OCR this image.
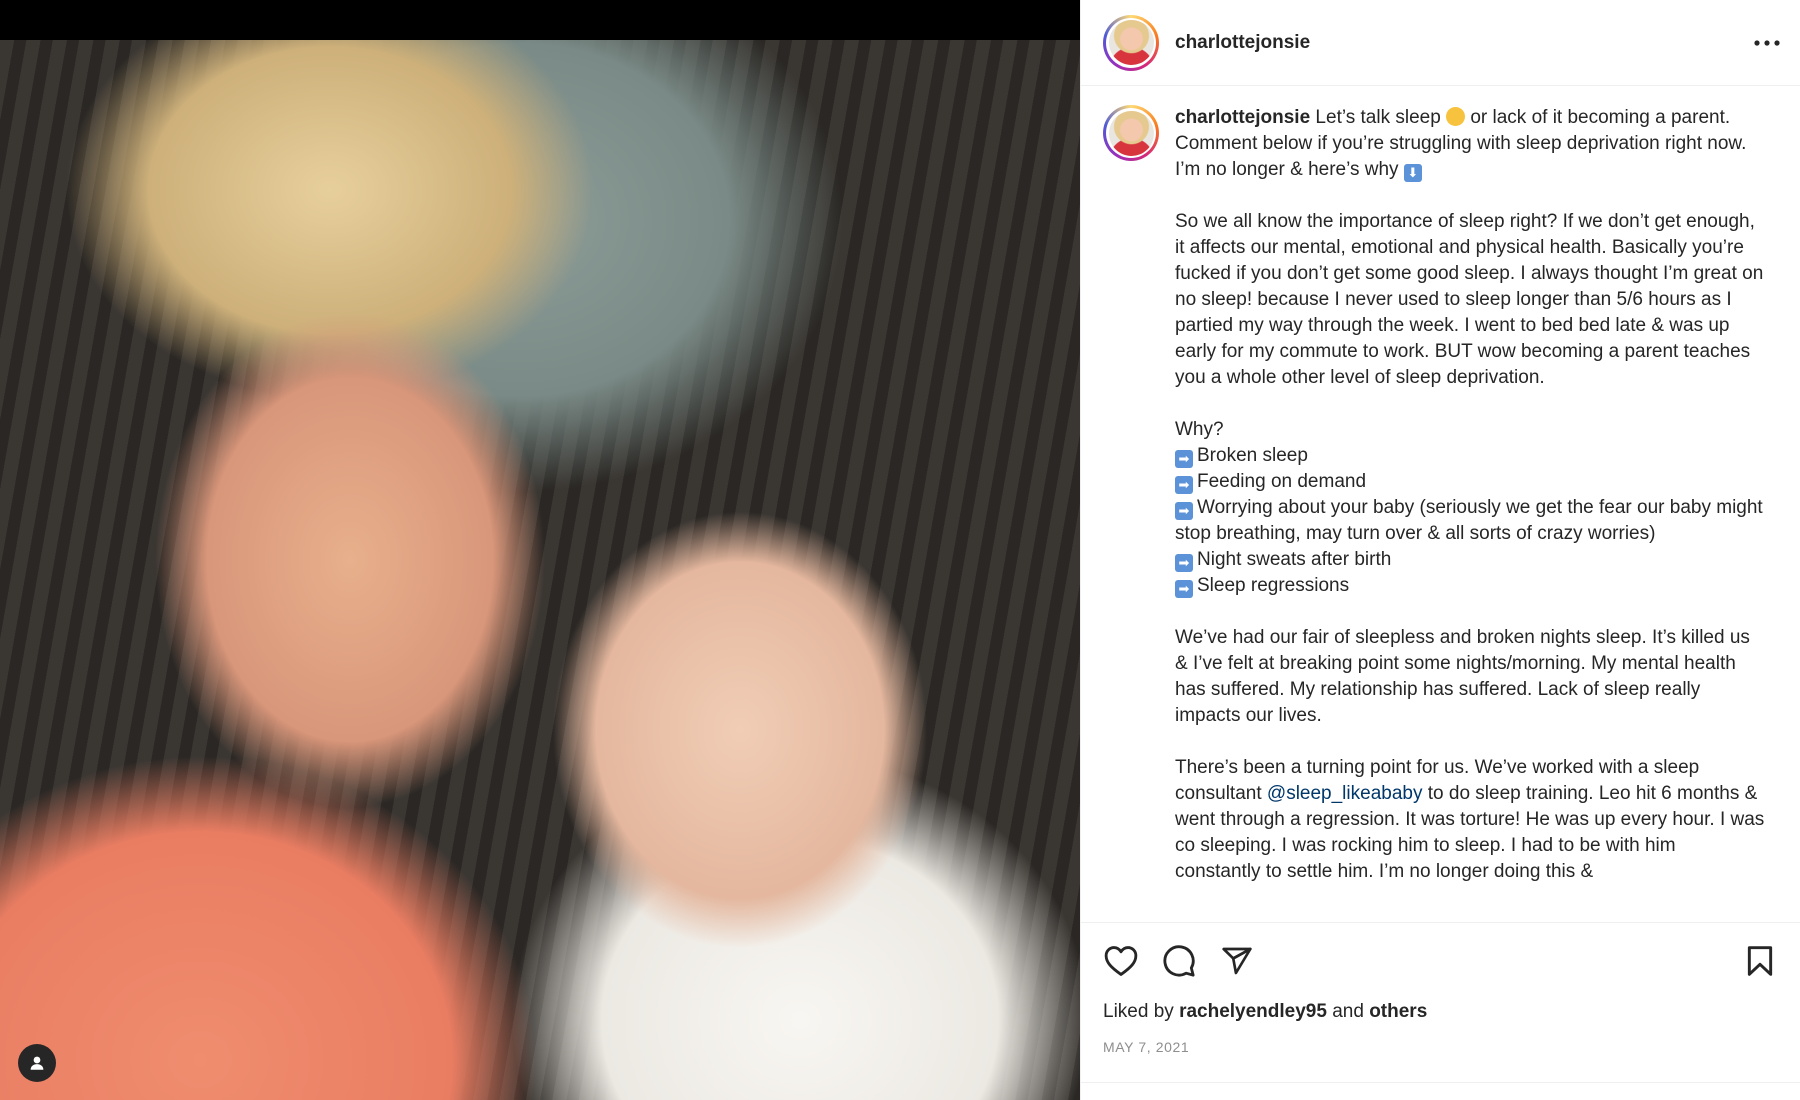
charlottejonsie
charlottejonsie Let’s talk sleep  or lack of it becoming a parent. Comment below if you’re struggling with sleep deprivation right now. I’m no longer & here’s why ⬇

So we all know the importance of sleep right? If we don’t get enough, it affects our mental, emotional and physical health. Basically you’re fucked if you don’t get some good sleep. I always thought I’m great on no sleep! because I never used to sleep longer than 5/6 hours as I partied my way through the week. I went to bed bed late & was up early for my commute to work. BUT wow becoming a parent teaches you a whole other level of sleep deprivation.

Why?
➡ Broken sleep
➡ Feeding on demand
➡ Worrying about your baby (seriously we get the fear our baby might stop breathing, may turn over & all sorts of crazy worries)
➡ Night sweats after birth
➡ Sleep regressions

We’ve had our fair of sleepless and broken nights sleep. It’s killed us & I’ve felt at breaking point some nights/morning. My mental health has suffered. My relationship has suffered. Lack of sleep really impacts our lives.

There’s been a turning point for us. We’ve worked with a sleep consultant @sleep_likeababy to do sleep training. Leo hit 6 months & went through a regression. It was torture! He was up every hour. I was co sleeping. I was rocking him to sleep. I had to be with him constantly to settle him. I’m no longer doing this &
Liked by rachelyendley95 and others
MAY 7, 2021
